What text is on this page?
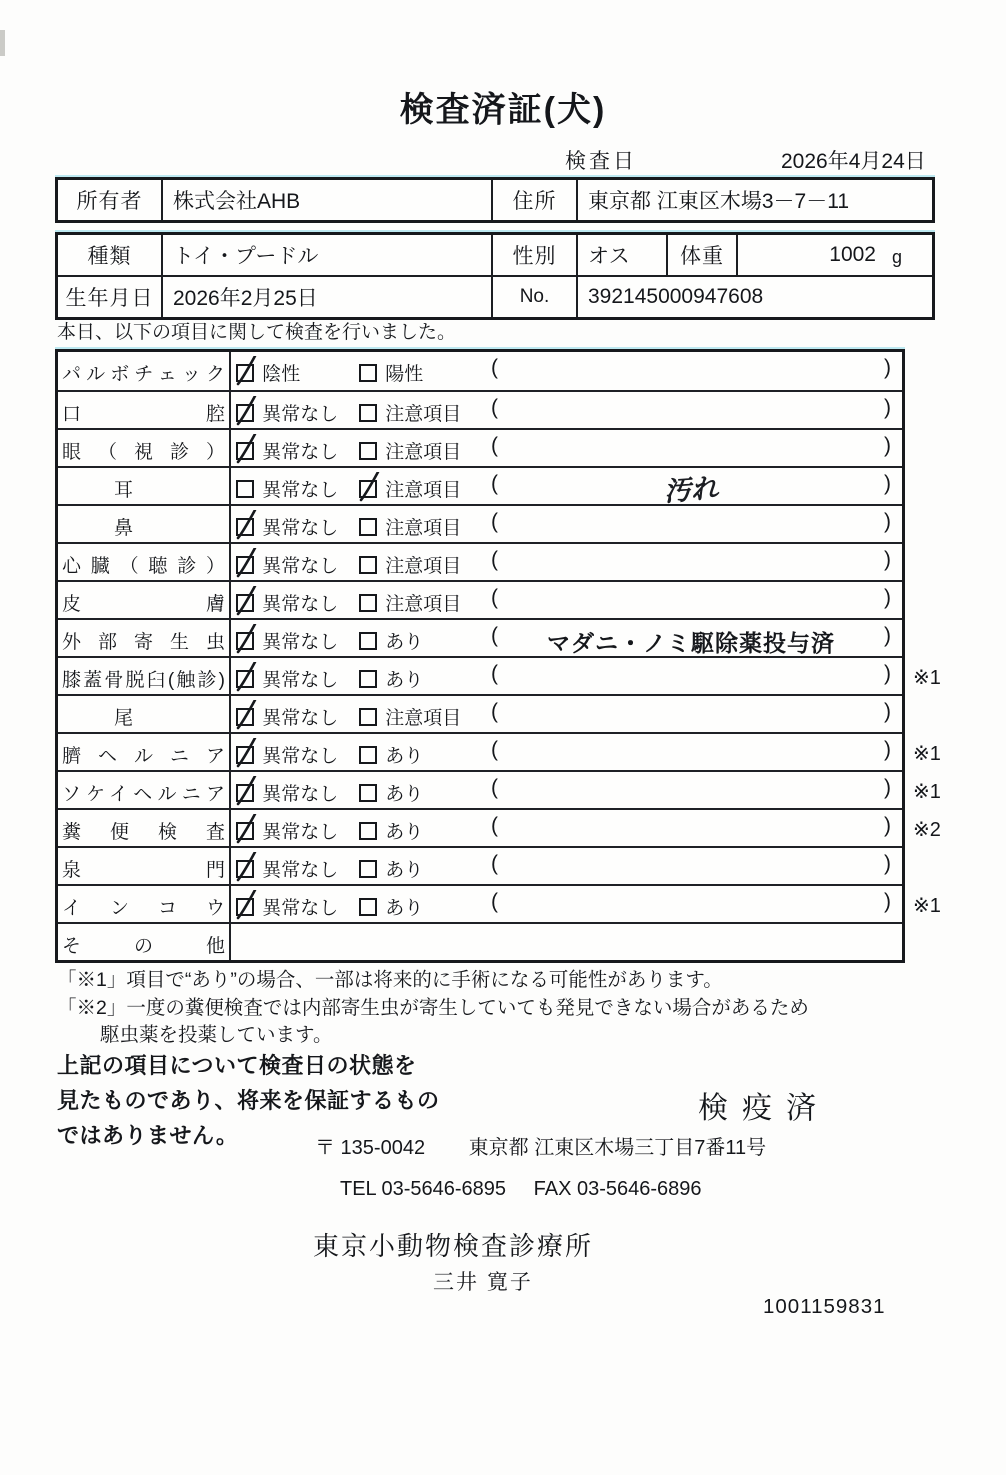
検査済証(犬)
検査日	2026年4月24日
所有者	株式会社AHB	住所	東京都 江東区木場3－7－11
種類	トイ・プードル	性別	オス	体重	1002 g
生年月日 2026年2月25日	No.	392145000947608
本日、以下の項目に関して検査を行いました。
パルボチェック	陰性	陽性	(	)
口腔	異常なし	注意項目 (	)
眼（視診）	異常なし	注意項目 (	)
耳	異常なし	注意項目 (	汚れ	)
鼻	異常なし	注意項目 (	)
心臓（聴診）	異常なし	注意項目 (	)
皮膚	異常なし	注意項目 (	)
外部寄生虫	異常なし	あり	(	マダニ・ノミ駆除薬投与済	)
膝蓋骨脱臼(触診)	異常なし	あり	(	) ※1
尾	異常なし	注意項目 (	)
臍ヘルニア	異常なし	あり	(	) ※1
ソケイヘルニア	異常なし	あり	(	) ※1
糞便検査	異常なし	あり	(	) ※2
泉門	異常なし	あり	(	)
インコウ	異常なし	あり	(	) ※1
その他
「※1」項目で“あり”の場合、一部は将来的に手術になる可能性があります。
「※2」一度の糞便検査では内部寄生虫が寄生していても発見できない場合があるため
駆虫薬を投薬しています。
上記の項目について検査日の状態を
見たものであり、将来を保証するもの
ではありません。
検疫済
〒 135-0042 東京都 江東区木場三丁目7番11号
TEL 03-5646-6895 FAX 03-5646-6896
東京小動物検査診療所
三井 寛子
1001159831
